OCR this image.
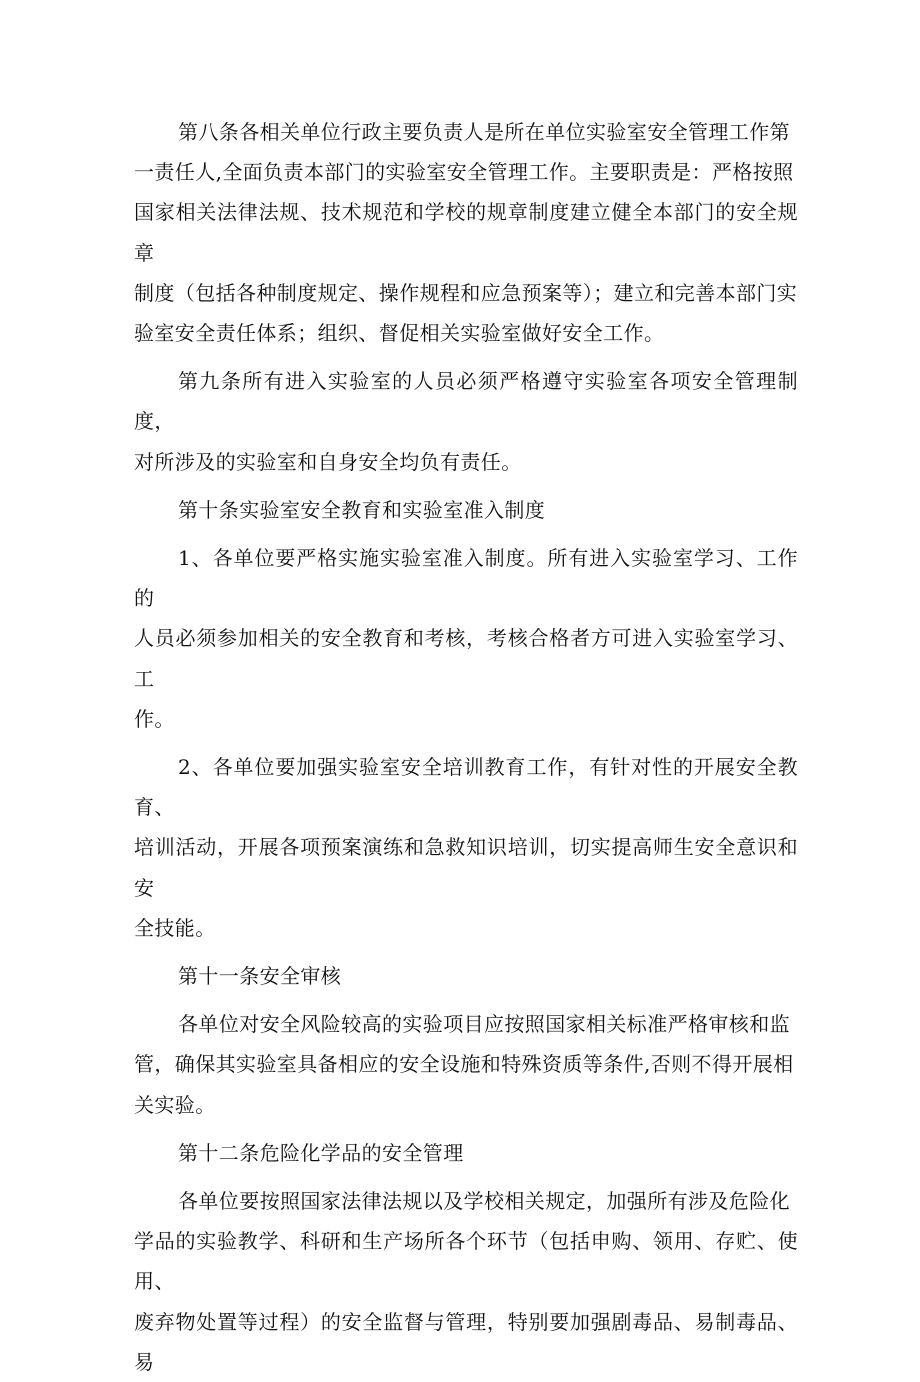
第八条各相关单位行政主要负责人是所在单位实验室安全管理工作第
一责任人,全面负责本部门的实验室安全管理工作。主要职责是：严格按照
国家相关法律法规、技术规范和学校的规章制度建立健全本部门的安全规章
制度（包括各种制度规定、操作规程和应急预案等）；建立和完善本部门实
验室安全责任体系；组织、督促相关实验室做好安全工作。

第九条所有进入实验室的人员必须严格遵守实验室各项安全管理制度，
对所涉及的实验室和自身安全均负有责任。

第十条实验室安全教育和实验室准入制度

1、各单位要严格实施实验室准入制度。所有进入实验室学习、工作的
人员必须参加相关的安全教育和考核，考核合格者方可进入实验室学习、工
作。

2、各单位要加强实验室安全培训教育工作，有针对性的开展安全教育、
培训活动，开展各项预案演练和急救知识培训，切实提高师生安全意识和安
全技能。

第十一条安全审核

各单位对安全风险较高的实验项目应按照国家相关标准严格审核和监
管，确保其实验室具备相应的安全设施和特殊资质等条件,否则不得开展相
关实验。

第十二条危险化学品的安全管理

各单位要按照国家法律法规以及学校相关规定，加强所有涉及危险化
学品的实验教学、科研和生产场所各个环节（包括申购、领用、存贮、使用、
废弃物处置等过程）的安全监督与管理，特别要加强剧毒品、易制毒品、易
